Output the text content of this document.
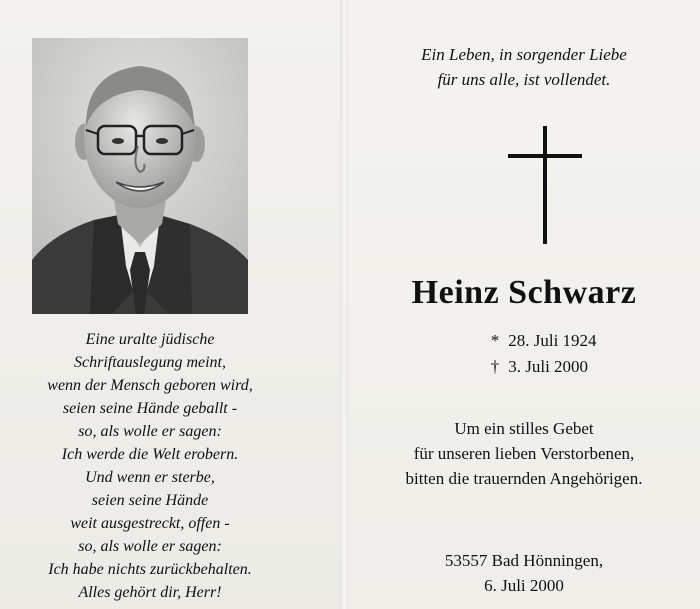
Eine uralte jüdische
Schriftauslegung meint,
wenn der Mensch geboren wird,
seien seine Hände geballt -
so, als wolle er sagen:
Ich werde die Welt erobern.
Und wenn er sterbe,
seien seine Hände
weit ausgestreckt, offen -
so, als wolle er sagen:
Ich habe nichts zurückbehalten.
Alles gehört dir, Herr!
Ein Leben, in sorgender Liebe
für uns alle, ist vollendet.
Heinz Schwarz
* 28. Juli 1924
† 3. Juli 2000
Um ein stilles Gebet
für unseren lieben Verstorbenen,
bitten die trauernden Angehörigen.
53557 Bad Hönningen,
6. Juli 2000
